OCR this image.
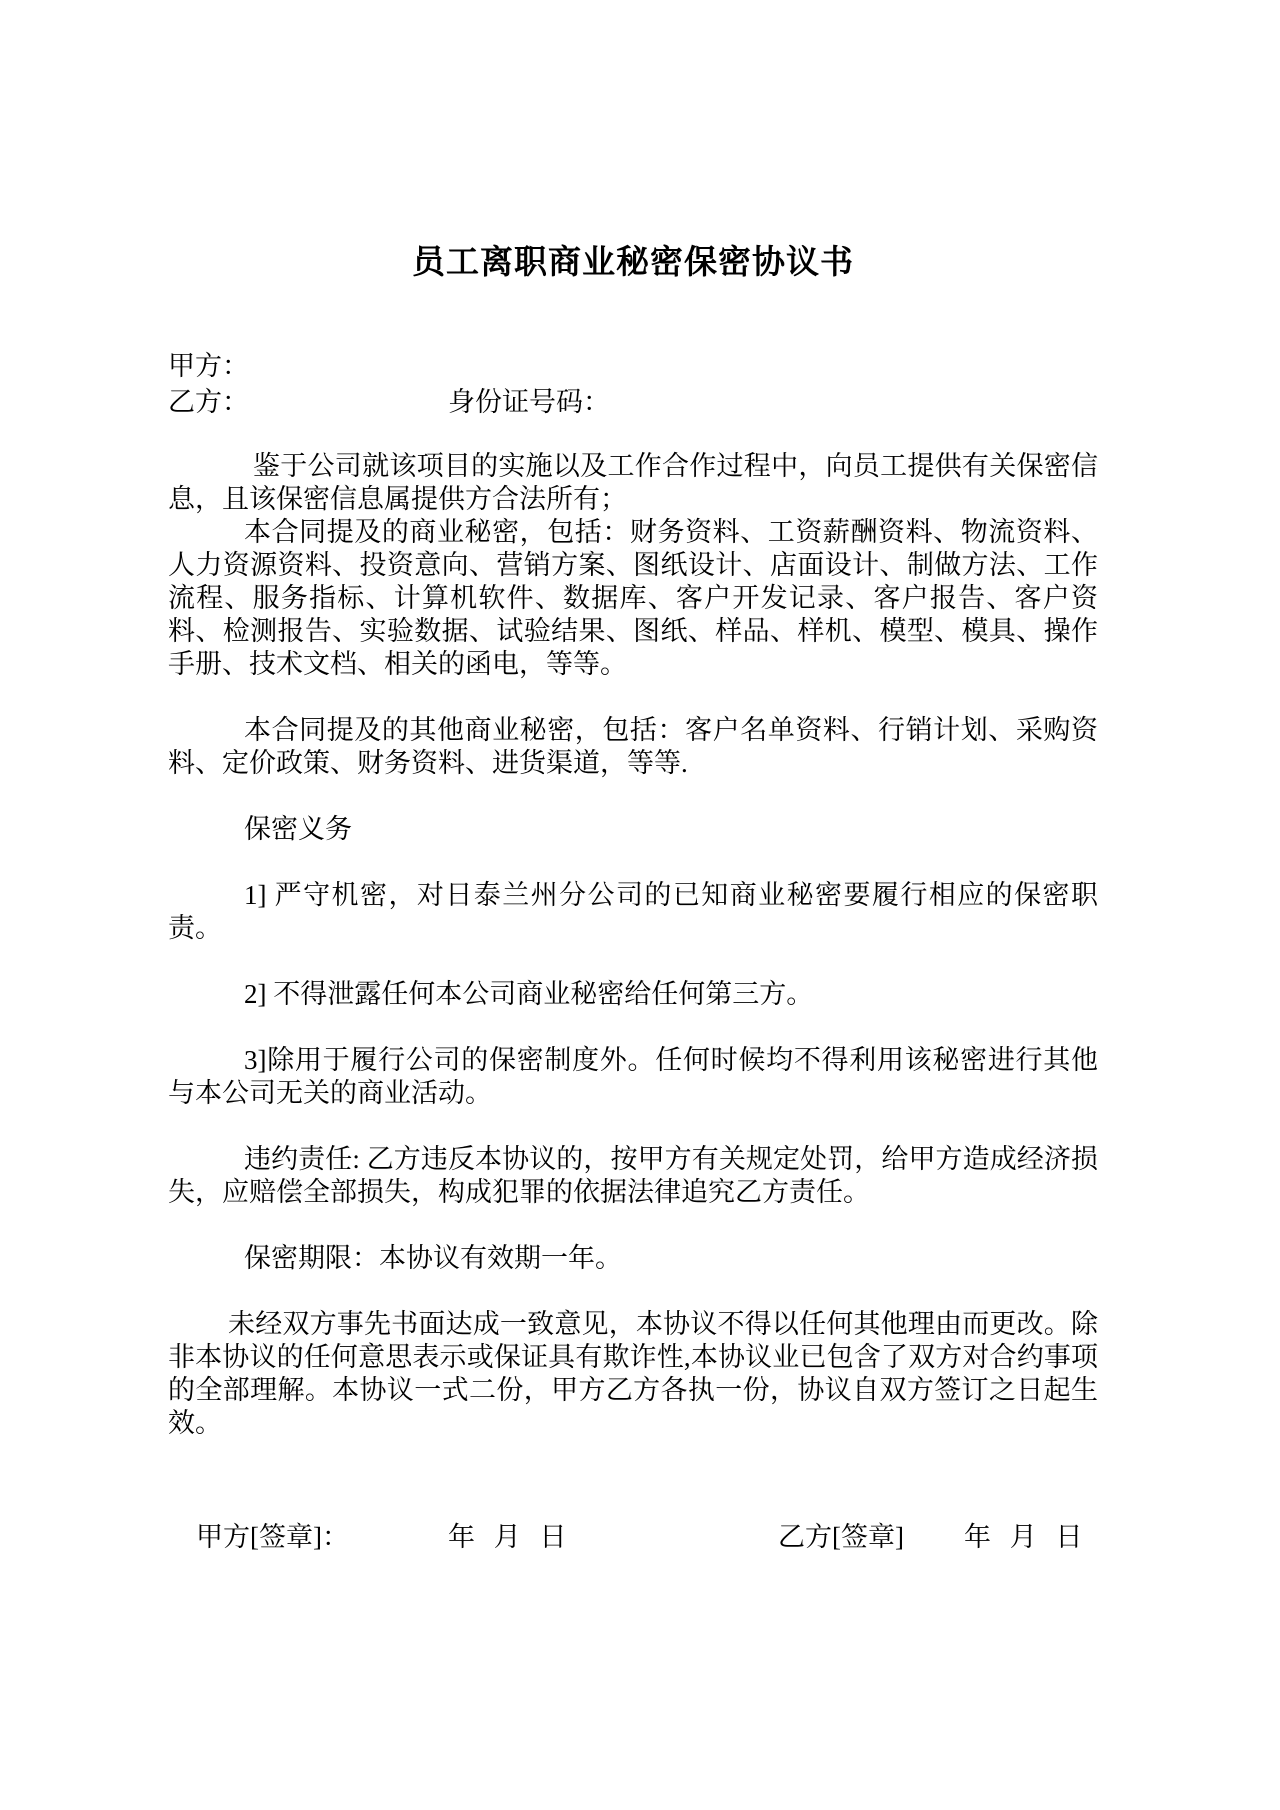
员工离职商业秘密保密协议书
甲方：
乙方：	身份证号码：

鉴于公司就该项目的实施以及工作合作过程中，向员工提供有关保密信息，且该保密信息属提供方合法所有；

本合同提及的商业秘密，包括：财务资料、工资薪酬资料、物流资料、人力资源资料、投资意向、营销方案、图纸设计、店面设计、制做方法、工作流程、服务指标、计算机软件、数据库、客户开发记录、客户报告、客户资料、检测报告、实验数据、试验结果、图纸、样品、样机、模型、模具、操作手册、技术文档、相关的函电，等等。

本合同提及的其他商业秘密，包括：客户名单资料、行销计划、采购资料、定价政策、财务资料、进货渠道，等等.

保密义务

1] 严守机密，对日泰兰州分公司的已知商业秘密要履行相应的保密职责。

2] 不得泄露任何本公司商业秘密给任何第三方。

3]除用于履行公司的保密制度外。任何时候均不得利用该秘密进行其他与本公司无关的商业活动。

违约责任: 乙方违反本协议的，按甲方有关规定处罚，给甲方造成经济损失，应赔偿全部损失，构成犯罪的依据法律追究乙方责任。

保密期限：本协议有效期一年。

未经双方事先书面达成一致意见，本协议不得以任何其他理由而更改。除非本协议的任何意思表示或保证具有欺诈性,本协议业已包含了双方对合约事项的全部理解。本协议一式二份，甲方乙方各执一份，协议自双方签订之日起生效。

甲方[签章]：	年 月 日	乙方[签章] 年 月 日
